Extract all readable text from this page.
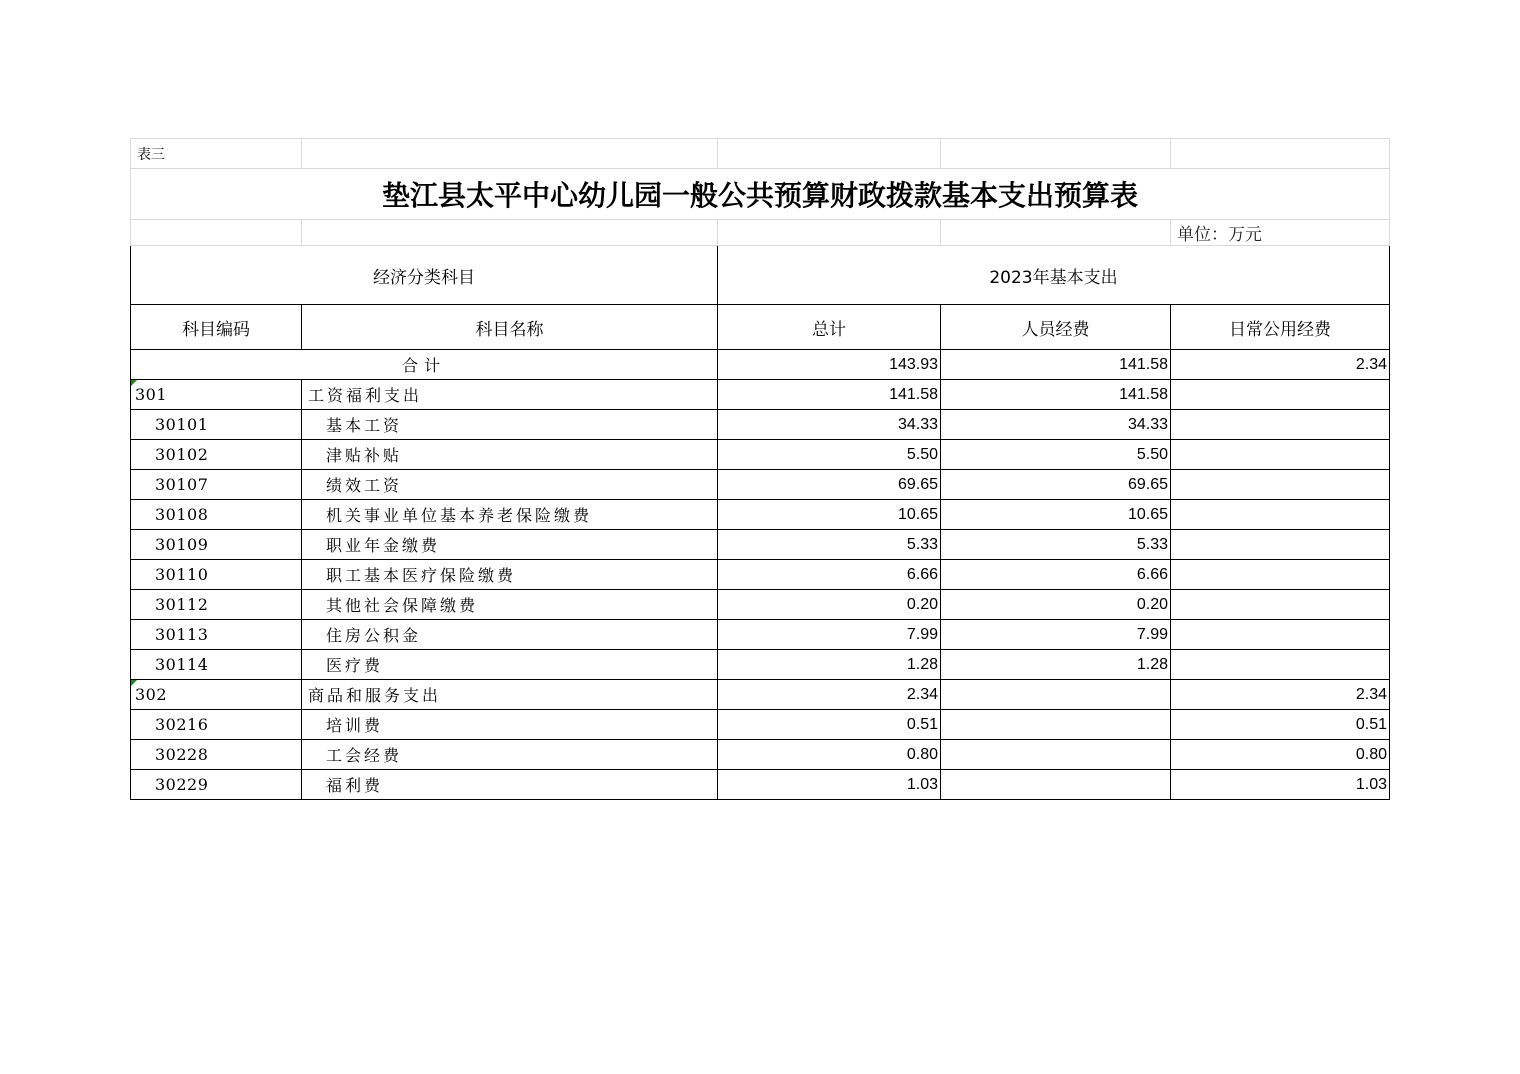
表三				
垫江县太平中心幼儿园一般公共预算财政拨款基本支出预算表				
				单位：万元
经济分类科目		2023年基本支出		
科目编码	科目名称	总计	人员经费	日常公用经费
合计		143.93	141.58	2.34
301	工资福利支出	141.58	141.58	
30101	基本工资	34.33	34.33	
30102	津贴补贴	5.50	5.50	
30107	绩效工资	69.65	69.65	
30108	机关事业单位基本养老保险缴费	10.65	10.65	
30109	职业年金缴费	5.33	5.33	
30110	职工基本医疗保险缴费	6.66	6.66	
30112	其他社会保障缴费	0.20	0.20	
30113	住房公积金	7.99	7.99	
30114	医疗费	1.28	1.28	
302	商品和服务支出	2.34		2.34
30216	培训费	0.51		0.51
30228	工会经费	0.80		0.80
30229	福利费	1.03		1.03
